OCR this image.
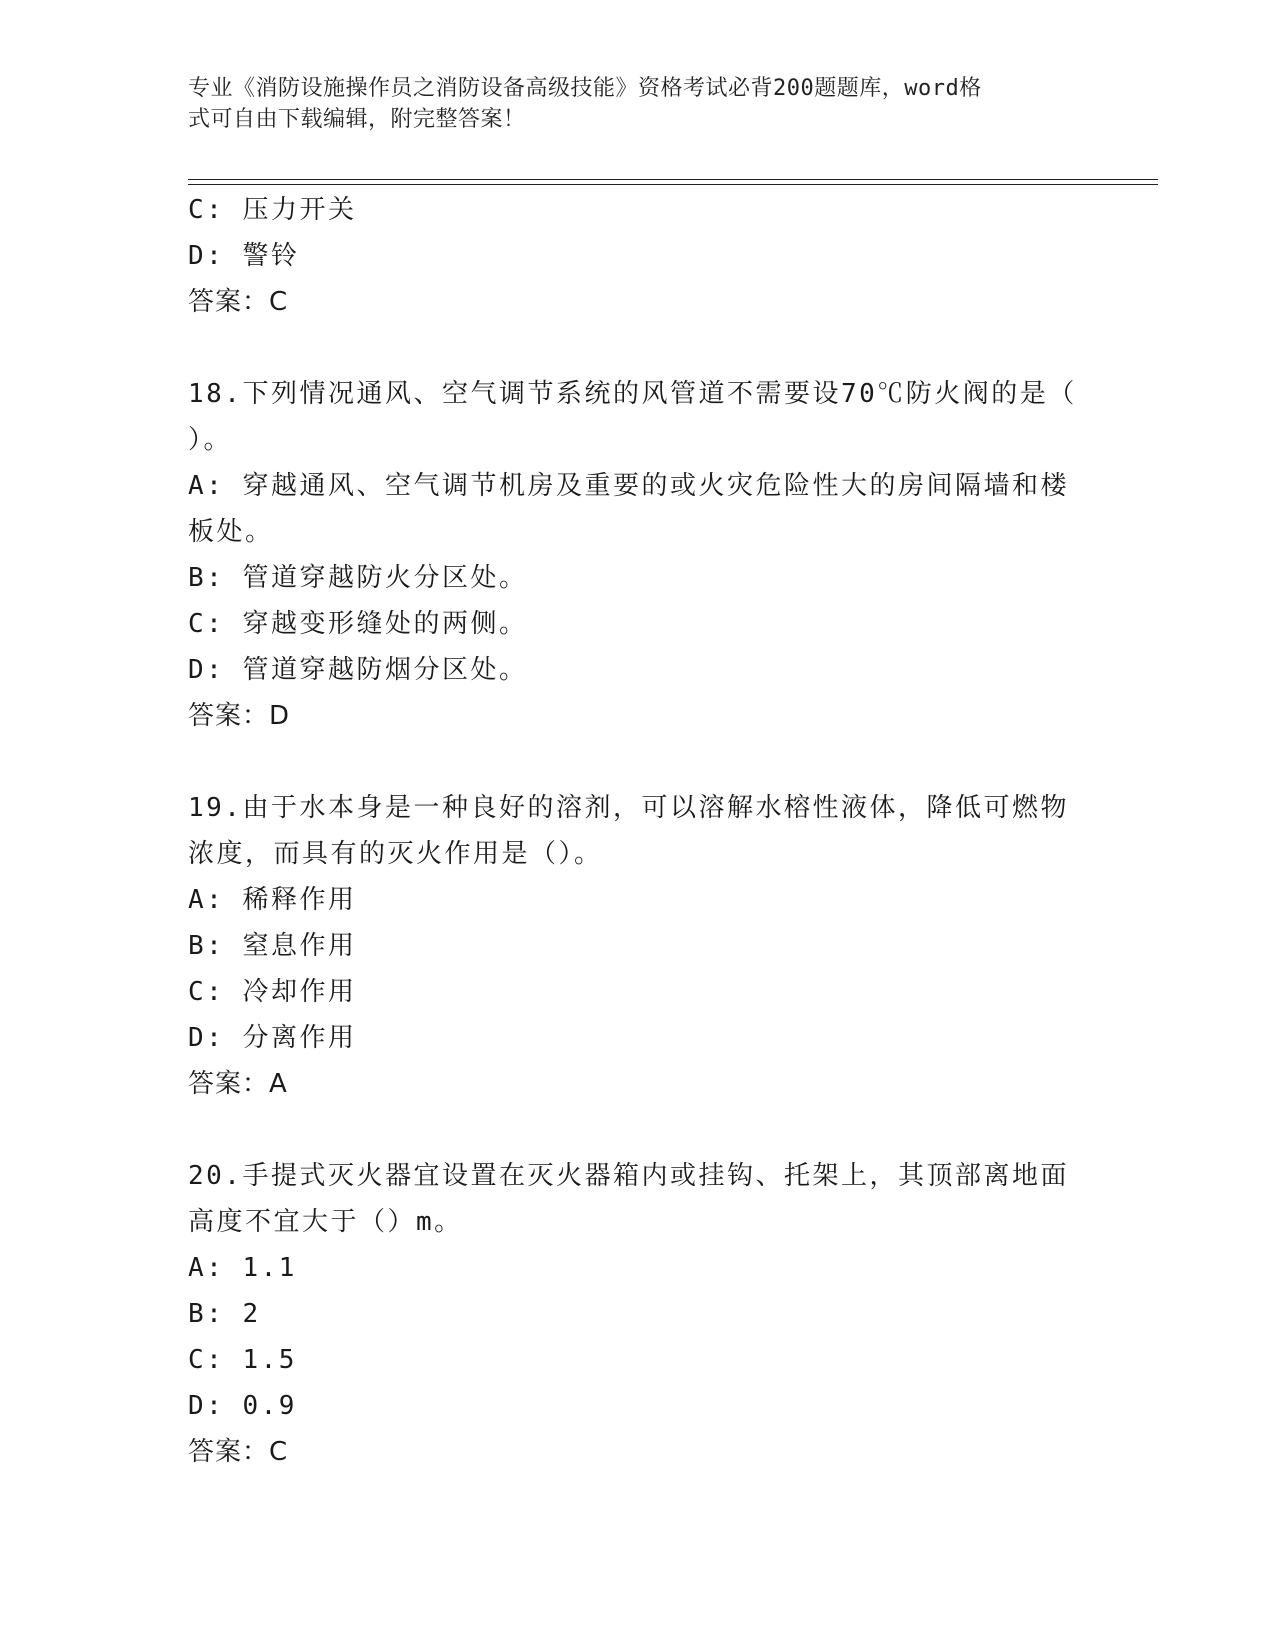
专业《消防设施操作员之消防设备高级技能》资格考试必背200题题库，word格
式可自由下载编辑，附完整答案！
C: 压力开关
D: 警铃
答案：C
18.下列情况通风、空气调节系统的风管道不需要设70℃防火阀的是（
）。
A: 穿越通风、空气调节机房及重要的或火灾危险性大的房间隔墙和楼
板处。
B: 管道穿越防火分区处。
C: 穿越变形缝处的两侧。
D: 管道穿越防烟分区处。
答案：D
19.由于水本身是一种良好的溶剂，可以溶解水榕性液体，降低可燃物
浓度，而具有的灭火作用是（）。
A: 稀释作用
B: 窒息作用
C: 冷却作用
D: 分离作用
答案：A
20.手提式灭火器宜设置在灭火器箱内或挂钩、托架上，其顶部离地面
高度不宜大于（）m。
A: 1.1
B: 2
C: 1.5
D: 0.9
答案：C
